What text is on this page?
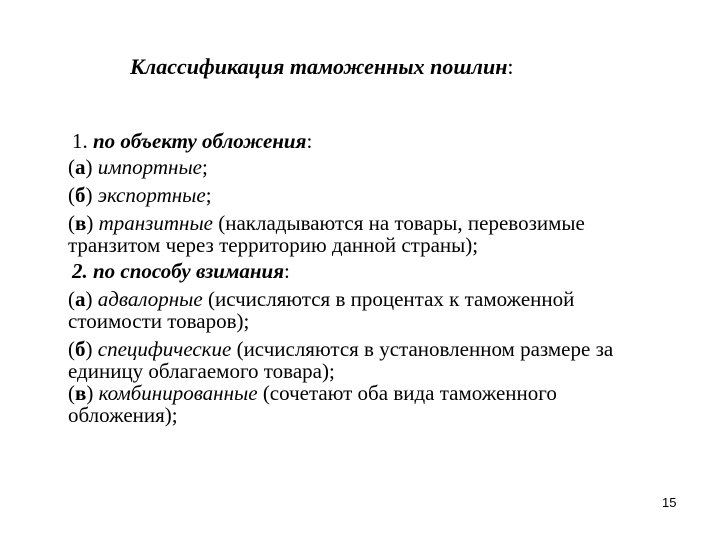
Классификация таможенных пошлин:

1. по объекту обложения:

(а) импортные;

(б) экспортные;

(в) транзитные (накладываются на товары, перевозимые транзитом через территорию данной страны);

2. по способу взимания:

(а) адвалорные (исчисляются в процентах к таможенной стоимости товаров);

(б) специфические (исчисляются в установленном размере за единицу облагаемого товара);

(в) комбинированные (сочетают оба вида таможенного обложения);

15
